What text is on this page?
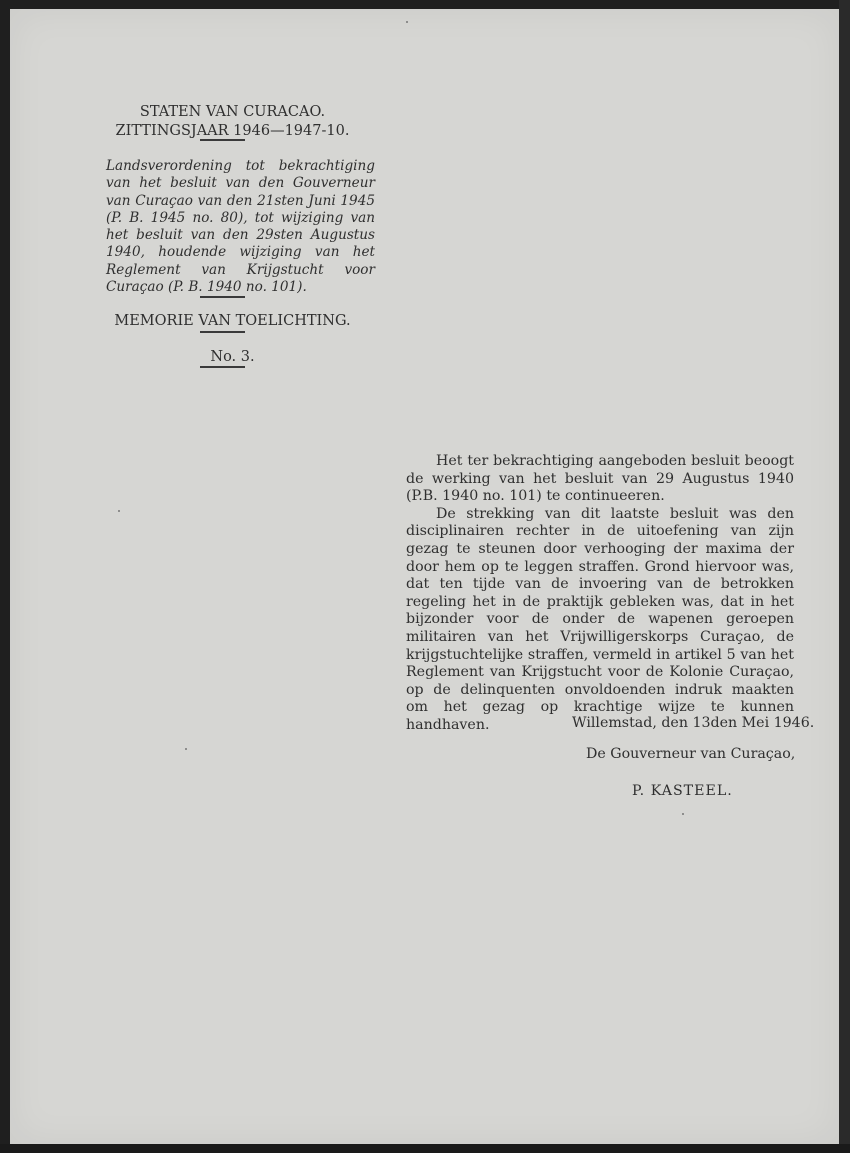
STATEN VAN CURACAO.
ZITTINGSJAAR 1946—1947-10.
Landsverordening tot bekrachtiging van het besluit van den Gouverneur van Curaçao van den 21sten Juni 1945 (P. B. 1945 no. 80), tot wijziging van het besluit van den 29sten Augustus 1940, houdende wijziging van het Reglement van Krijgstucht voor Curaçao (P. B. 1940 no. 101).
MEMORIE VAN TOELICHTING.
No. 3.

Het ter bekrachtiging aangeboden besluit beoogt de werking van het besluit van 29 Augustus 1940 (P.B. 1940 no. 101) te continueeren.

De strekking van dit laatste besluit was den disciplinairen rechter in de uitoefening van zijn gezag te steunen door verhooging der maxima der door hem op te leggen straffen. Grond hiervoor was, dat ten tijde van de invoering van de betrokken regeling het in de praktijk gebleken was, dat in het bijzonder voor de onder de wapenen geroepen militairen van het Vrijwilligerskorps Curaçao, de krijgstuchtelijke straffen, vermeld in artikel 5 van het Reglement van Krijgstucht voor de Kolonie Curaçao, op de delinquenten onvoldoenden indruk maakten om het gezag op krachtige wijze te kunnen handhaven.	Willemstad, den 13den Mei 1946.
De Gouverneur van Curaçao,
P. KASTEEL.
